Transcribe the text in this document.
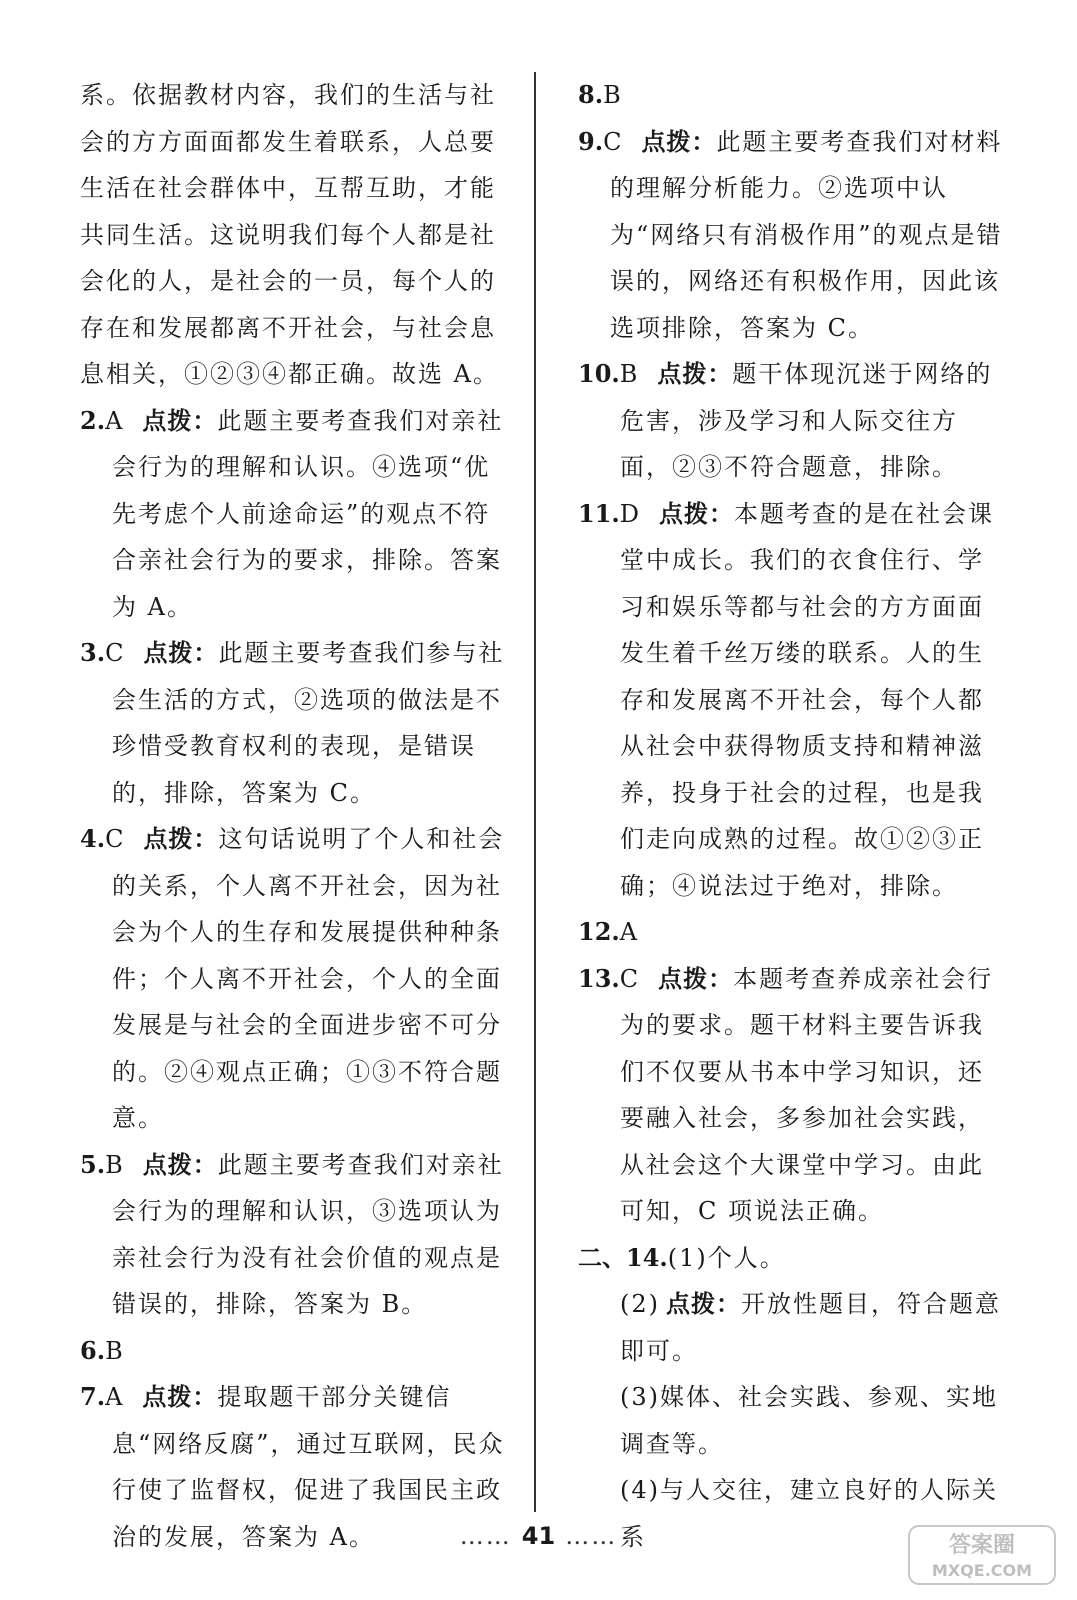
系。依据教材内容，我们的生活与社会的方方面面都发生着联系，人总要生活在社会群体中，互帮互助，才能共同生活。这说明我们每个人都是社会化的人，是社会的一员，每个人的存在和发展都离不开社会，与社会息息相关，①②③④都正确。故选 A。
2.A 点拨：此题主要考查我们对亲社会行为的理解和认识。④选项“优先考虑个人前途命运”的观点不符合亲社会行为的要求，排除。答案为 A。
3.C 点拨：此题主要考查我们参与社会生活的方式，②选项的做法是不珍惜受教育权利的表现，是错误的，排除，答案为 C。
4.C 点拨：这句话说明了个人和社会的关系，个人离不开社会，因为社会为个人的生存和发展提供种种条件；个人离不开社会，个人的全面发展是与社会的全面进步密不可分的。②④观点正确；①③不符合题意。
5.B 点拨：此题主要考查我们对亲社会行为的理解和认识，③选项认为亲社会行为没有社会价值的观点是错误的，排除，答案为 B。
6.B
7.A 点拨：提取题干部分关键信息“网络反腐”，通过互联网，民众行使了监督权，促进了我国民主政治的发展，答案为 A。
8.B
9.C 点拨：此题主要考查我们对材料的理解分析能力。②选项中认为“网络只有消极作用”的观点是错误的，网络还有积极作用，因此该选项排除，答案为 C。
10.B 点拨：题干体现沉迷于网络的危害，涉及学习和人际交往方面，②③不符合题意，排除。
11.D 点拨：本题考查的是在社会课堂中成长。我们的衣食住行、学习和娱乐等都与社会的方方面面发生着千丝万缕的联系。人的生存和发展离不开社会，每个人都从社会中获得物质支持和精神滋养，投身于社会的过程，也是我们走向成熟的过程。故①②③正确；④说法过于绝对，排除。
12.A
13.C 点拨：本题考查养成亲社会行为的要求。题干材料主要告诉我们不仅要从书本中学习知识，还要融入社会，多参加社会实践，从社会这个大课堂中学习。由此可知，C 项说法正确。
二、14.(1)个人。
(2) 点拨：开放性题目，符合题意即可。
(3)媒体、社会实践、参观、实地调查等。
(4)与人交往，建立良好的人际关系
…… 41 ……	答案圈
MXQE.COM
